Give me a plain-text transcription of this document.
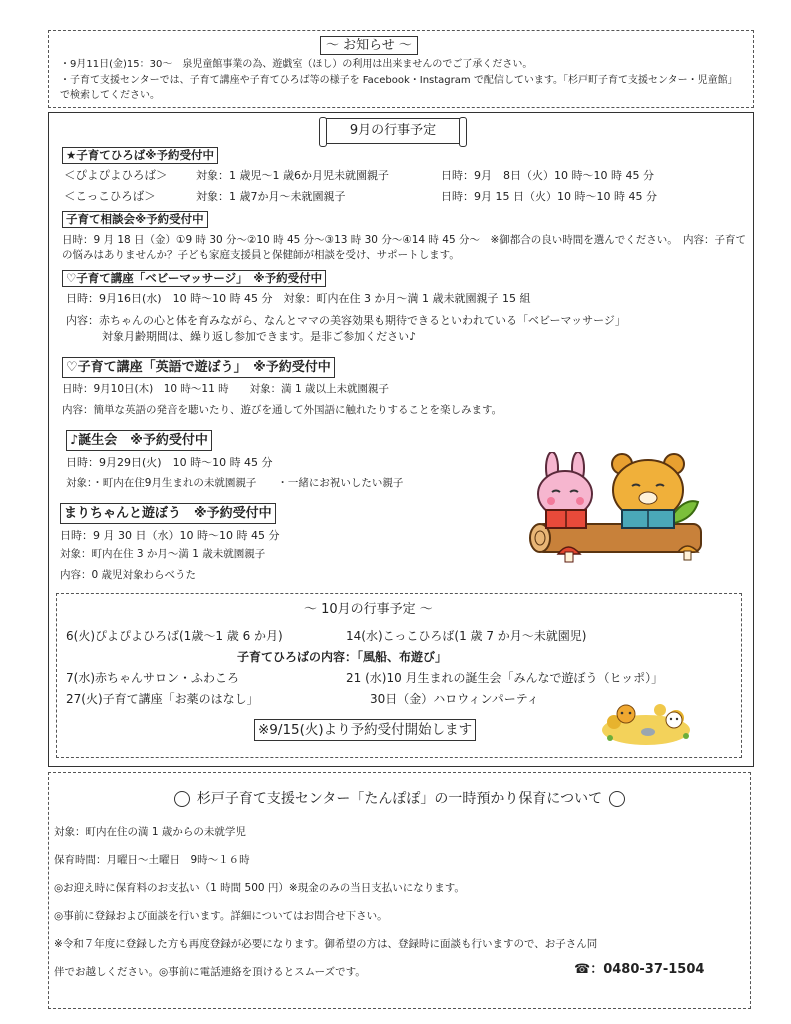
～ お知らせ ～
・9月11日(金)15：30～　泉児童館事業の為、遊戯室（ほし）の利用は出来ませんのでご了承ください。
・子育て支援センターでは、子育て講座や子育てひろば等の様子を Facebook・Instagram で配信しています。「杉戸町子育て支援センター・児童館」で検索してください。
9月の行事予定
★子育てひろば※予約受付中
＜ぴよぴよひろば＞	対象：1 歳児～1 歳6か月児未就園親子	日時：9月　8日（火）10 時～10 時 45 分
＜こっこひろば＞	対象：1 歳7か月～未就園親子	日時：9月 15 日（火）10 時～10 時 45 分
子育て相談会※予約受付中
日時：9 月 18 日（金）①9 時 30 分～②10 時 45 分～③13 時 30 分～④14 時 45 分～　※御都合の良い時間を選んでください。　内容：子育ての悩みはありませんか？子ども家庭支援員と保健師が相談を受け、サポートします。
♡子育て講座「ベビーマッサージ」　※予約受付中
日時：9月16日(水)　10 時～10 時 45 分　対象：町内在住 3 か月～満 1 歳未就園親子 15 組
内容：赤ちゃんの心と体を育みながら、なんとママの美容効果も期待できるといわれている「ベビーマッサージ」
対象月齢期間は、繰り返し参加できます。是非ご参加ください♪
♡子育て講座「英語で遊ぼう」　※予約受付中
日時：9月10日(木)　10 時～11 時　　対象：満 1 歳以上未就園親子
内容：簡単な英語の発音を聴いたり、遊びを通して外国語に触れたりすることを楽しみます。
♪誕生会　※予約受付中
日時：9月29日(火)　10 時～10 時 45 分
対象：・町内在住9月生まれの未就園親子　　・一緒にお祝いしたい親子
まりちゃんと遊ぼう　※予約受付中
日時：9 月 30 日（水）10 時～10 時 45 分
対象：町内在住 3 か月～満 1 歳未就園親子
内容：0 歳児対象わらべうた
～ 10月の行事予定 ～
6(火)ぴよぴよひろば(1歳～1 歳 6 か月)	14(水)こっこひろば(1 歳 7 か月～未就園児)
子育てひろばの内容：「風船、布遊び」
7(水)赤ちゃんサロン・ふわころ	21 (水)10 月生まれの誕生会「みんなで遊ぼう（ヒッポ）」
27(火)子育て講座「お薬のはなし」	30日（金）ハロウィンパーティ
※9/15(火)より予約受付開始します
杉戸子育て支援センター「たんぽぽ」の一時預かり保育について
対象：町内在住の満 1 歳からの未就学児
保育時間：月曜日～土曜日　9時～１６時
◎お迎え時に保育料のお支払い（1 時間 500 円）※現金のみの当日支払いになります。
◎事前に登録および面談を行います。詳細についてはお問合せ下さい。
※令和７年度に登録した方も再度登録が必要になります。御希望の方は、登録時に面談も行いますので、お子さん同
伴でお越しください。◎事前に電話連絡を頂けるとスムーズです。	☎：0480-37-1504
